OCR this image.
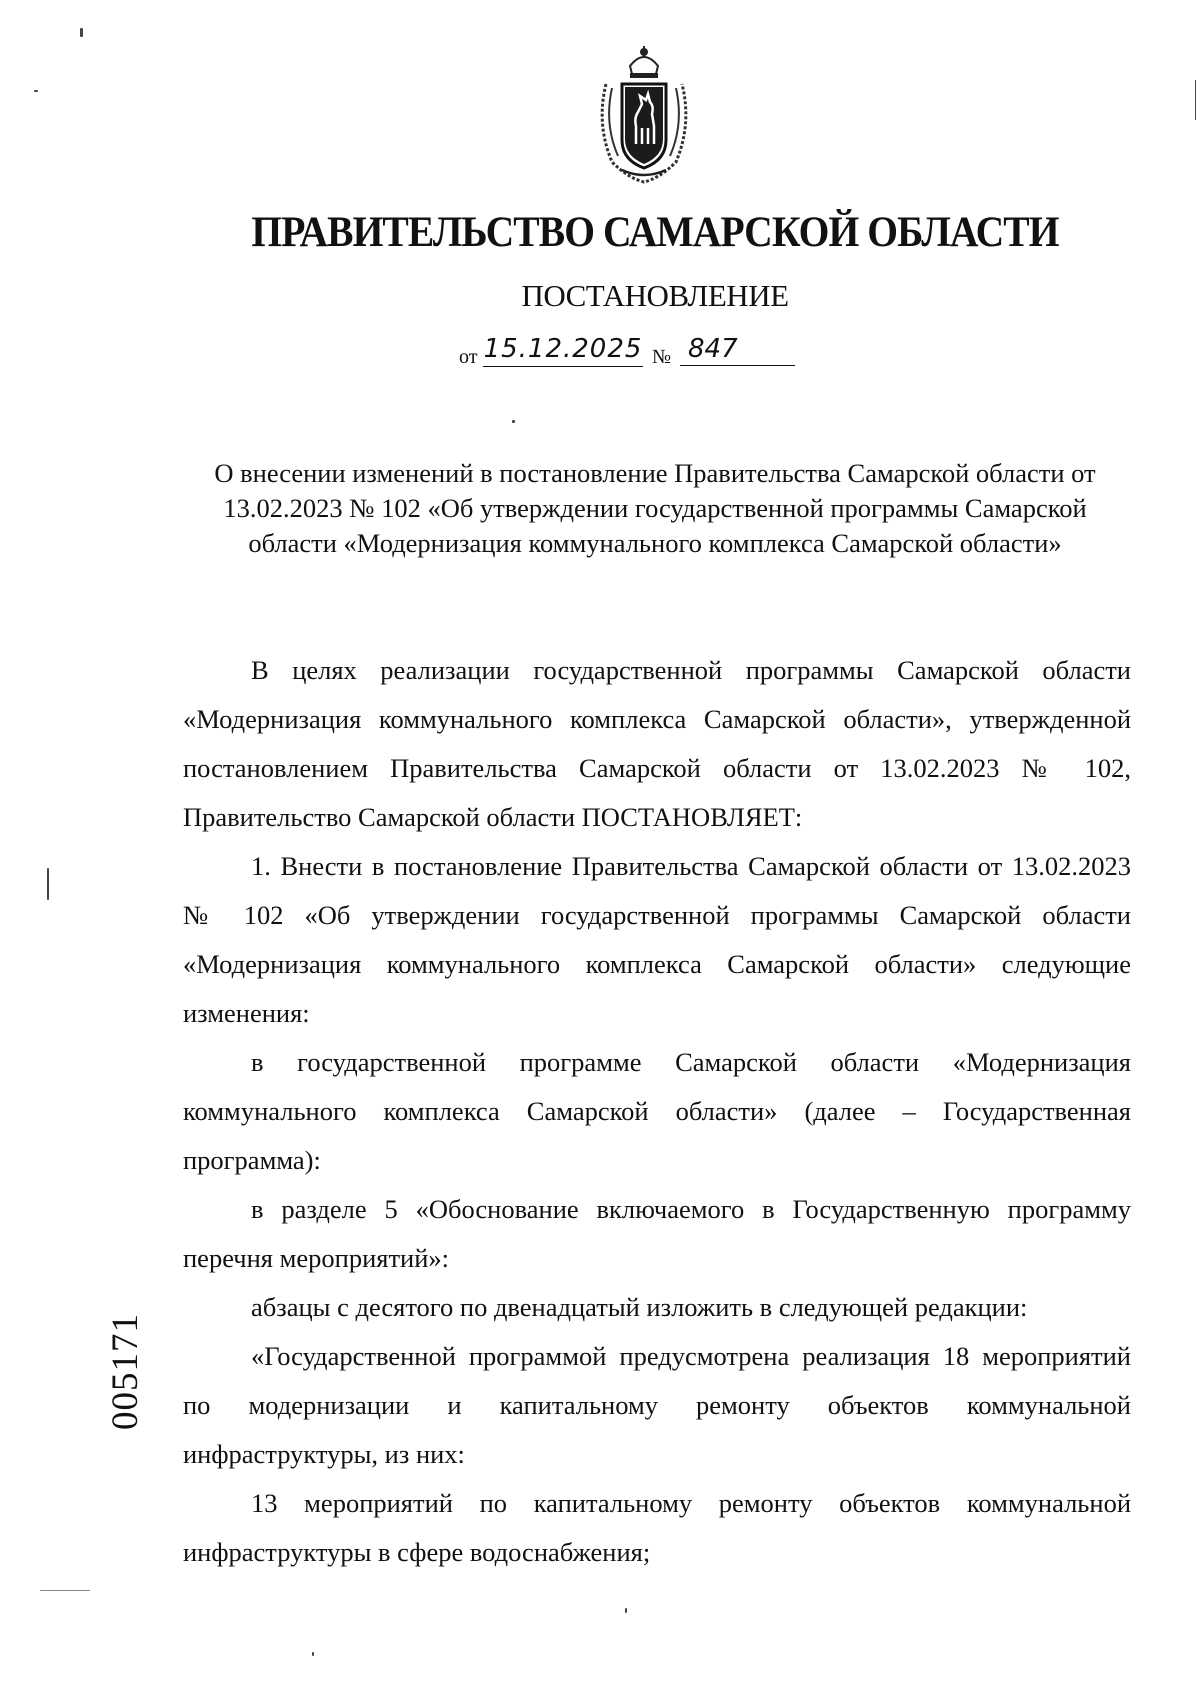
ПРАВИТЕЛЬСТВО САМАРСКОЙ ОБЛАСТИ
ПОСТАНОВЛЕНИЕ
от 15.12.2025 № 847
О внесении изменений в постановление Правительства Самарской области от 13.02.2023 № 102 «Об утверждении государственной программы Самарской области «Модернизация коммунального комплекса Самарской области»

В целях реализации государственной программы Самарской области «Модернизация коммунального комплекса Самарской области», утвержденной постановлением Правительства Самарской области от 13.02.2023 № 102, Правительство Самарской области ПОСТАНОВЛЯЕТ:

1. Внести в постановление Правительства Самарской области от 13.02.2023 № 102 «Об утверждении государственной программы Самарской области «Модернизация коммунального комплекса Самарской области» следующие изменения:

в государственной программе Самарской области «Модернизация коммунального комплекса Самарской области» (далее – Государственная программа):

в разделе 5 «Обоснование включаемого в Государственную программу перечня мероприятий»:

абзацы с десятого по двенадцатый изложить в следующей редакции:

«Государственной программой предусмотрена реализация 18 мероприятий по модернизации и капитальному ремонту объектов коммунальной инфраструктуры, из них:

13 мероприятий по капитальному ремонту объектов коммунальной инфраструктуры в сфере водоснабжения;

005171
